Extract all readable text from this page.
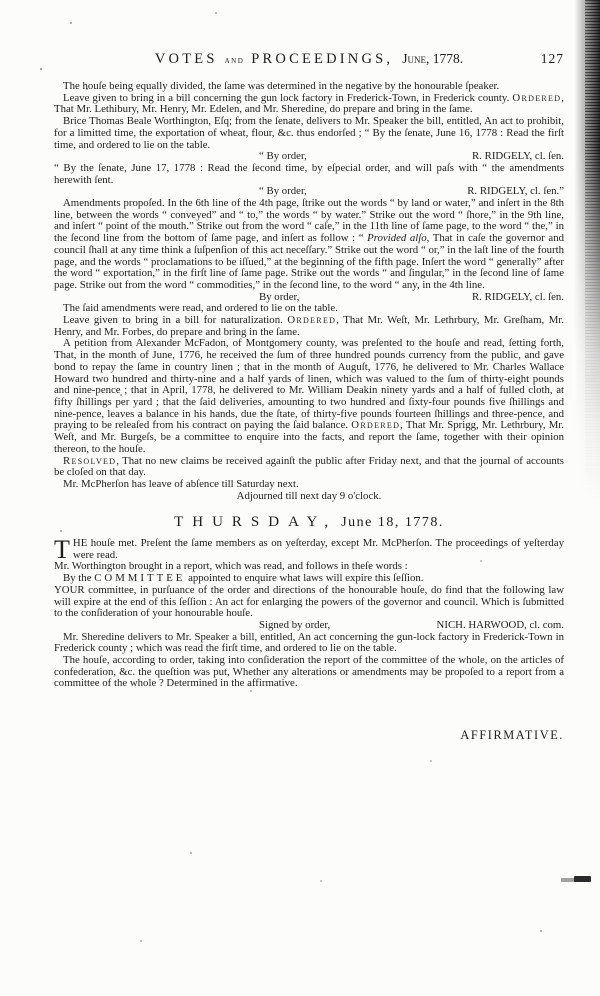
VOTES and PROCEEDINGS, June, 1778.	127

The houſe being equally divided, the ſame was determined in the negative by the honourable ſpeaker.

Leave given to bring in a bill concerning the gun lock factory in Frederick-Town, in Frederick county. Ordered, That Mr. Lethibury, Mr. Henry, Mr. Edelen, and Mr. Sheredine, do prepare and bring in the ſame.

Brice Thomas Beale Worthington, Eſq; from the ſenate, delivers to Mr. Speaker the bill, entitled, An act to prohibit, for a limitted time, the exportation of wheat, flour, &c. thus endorſed ; “ By the ſenate, June 16, 1778 : Read the firſt time, and ordered to lie on the table.

“ By order,	R. RIDGELY, cl. ſen.

“ By the ſenate, June 17, 1778 : Read the ſecond time, by eſpecial order, and will paſs with “ the amendments herewith ſent.

“ By order,	R. RIDGELY, cl. ſen.”

Amendments propoſed. In the 6th line of the 4th page, ſtrike out the words “ by land or water,” and inſert in the 8th line, between the words “ conveyed” and “ to,” the words “ by water.” Strike out the word “ ſhore,” in the 9th line, and inſert “ point of the mouth.” Strike out from the word “ caſe,” in the 11th line of ſame page, to the word “ the,” in the ſecond line from the bottom of ſame page, and inſert as follow : “ Provided alſo, That in caſe the governor and council ſhall at any time think a ſuſpenſion of this act neceſſary.” Strike out the word “ or,” in the laſt line of the fourth page, and the words “ proclamations to be iſſued,” at the beginning of the fifth page. Inſert the word “ generally” after the word “ exportation,” in the firſt line of ſame page. Strike out the words “ and ſingular,” in the ſecond line of ſame page. Strike out from the word “ commodities,” in the ſecond line, to the word “ any, in the 4th line.

By order,	R. RIDGELY, cl. ſen.

The ſaid amendments were read, and ordered to lie on the table.

Leave given to bring in a bill for naturalization. Ordered, That Mr. Weſt, Mr. Lethrbury, Mr. Greſham, Mr. Henry, and Mr. Forbes, do prepare and bring in the ſame.

A petition from Alexander McFadon, of Montgomery county, was preſented to the houſe and read, ſetting forth, That, in the month of June, 1776, he received the ſum of three hundred pounds currency from the public, and gave bond to repay the ſame in country linen ; that in the month of Auguſt, 1776, he delivered to Mr. Charles Wallace Howard two hundred and thirty-nine and a half yards of linen, which was valued to the ſum of thirty-eight pounds and nine-pence ; that in April, 1778, he delivered to Mr. William Deakin ninety yards and a half of fulled cloth, at fifty ſhillings per yard ; that the ſaid deliveries, amounting to two hundred and ſixty-four pounds five ſhillings and nine-pence, leaves a balance in his hands, due the ſtate, of thirty-five pounds fourteen ſhillings and three-pence, and praying to be releaſed from his contract on paying the ſaid balance. Ordered, That Mr. Sprigg, Mr. Lethrbury, Mr. Weſt, and Mr. Burgeſs, be a committee to enquire into the facts, and report the ſame, together with their opinion thereon, to the houſe.

Resolved, That no new claims be received againſt the public after Friday next, and that the journal of accounts be cloſed on that day.

Mr. McPherſon has leave of abſence till Saturday next.

Adjourned till next day 9 o'clock.

THURSDAY, June 18, 1778.

THE houſe met. Preſent the ſame members as on yeſterday, except Mr. McPherſon. The proceedings of yeſterday were read.

Mr. Worthington brought in a report, which was read, and follows in theſe words :

By the COMMITTEE appointed to enquire what laws will expire this ſeſſion.

YOUR committee, in purſuance of the order and directions of the honourable houſe, do find that the following law will expire at the end of this ſeſſion : An act for enlarging the powers of the governor and council. Which is ſubmitted to the conſideration of your honourable houſe.

Signed by order,	NICH. HARWOOD, cl. com.

Mr. Sheredine delivers to Mr. Speaker a bill, entitled, An act concerning the gun-lock factory in Frederick-Town in Frederick county ; which was read the firſt time, and ordered to lie on the table.

The houſe, according to order, taking into conſideration the report of the committee of the whole, on the articles of confederation, &c. the queſtion was put, Whether any alterations or amendments may be propoſed to a report from a committee of the whole ? Determined in the affirmative.

AFFIRMATIVE.
